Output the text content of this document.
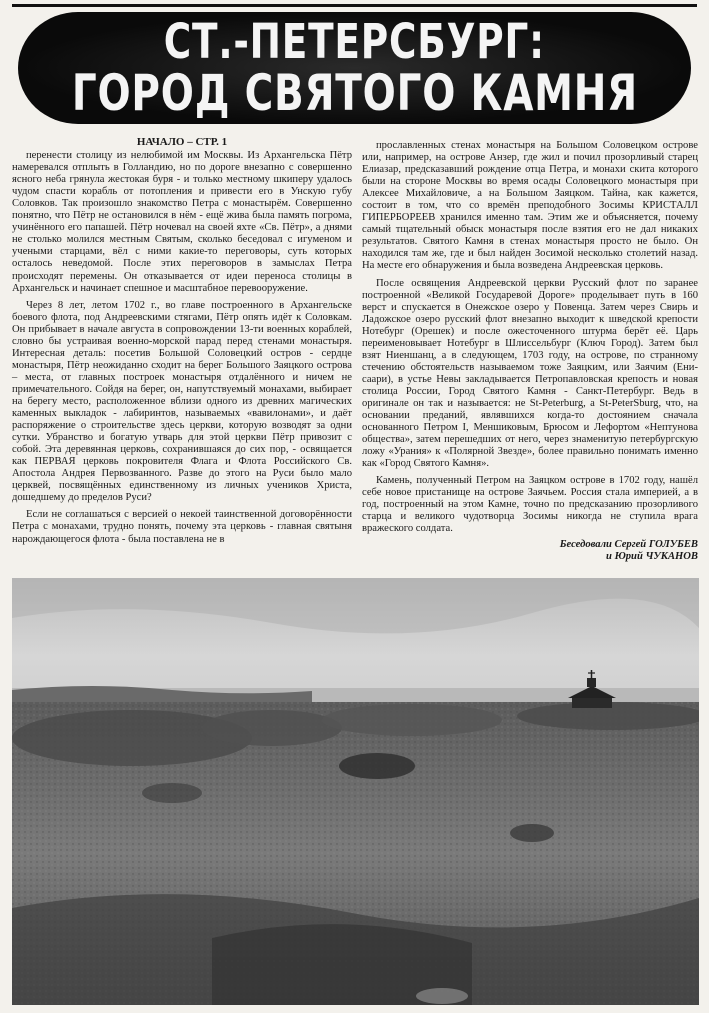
СТ.-ПЕТЕРСБУРГ:
ГОРОД СВЯТОГО КАМНЯ
НАЧАЛО – СТР. 1

перенести столицу из нелюбимой им Москвы. Из Архангельска Пётр намеревался отплыть в Голландию, но по дороге внезапно с совершенно ясного неба грянула жестокая буря - и только местному шкиперу удалось чудом спасти корабль от потопления и привести его в Унскую губу Соловков. Так произошло знакомство Петра с монастырём. Совершенно понятно, что Пётр не остановился в нём - ещё жива была память погрома, учинённого его папашей. Пётр ночевал на своей яхте «Св. Пётр», а днями не столько молился местным Святым, сколько беседовал с игуменом и учеными старцами, вёл с ними какие-то переговоры, суть которых осталось неведомой. После этих переговоров в замыслах Петра происходят перемены. Он отказывается от идеи переноса столицы в Архангельск и начинает спешное и масштабное перевооружение.

Через 8 лет, летом 1702 г., во главе построенного в Архангельске боевого флота, под Андреевскими стягами, Пётр опять идёт к Соловкам. Он прибывает в начале августа в сопровождении 13-ти военных кораблей, словно бы устраивая военно-морской парад перед стенами монастыря. Интересная деталь: посетив Большой Соловецкий остров - сердце монастыря, Пётр неожиданно сходит на берег Большого Заяцкого острова – места, от главных построек монастыря отдалённого и ничем не примечательного. Сойдя на берег, он, напутствуемый монахами, выбирает на берегу место, расположенное вблизи одного из древних магических каменных выкладок - лабиринтов, называемых «вавилонами», и даёт распоряжение о строительстве здесь церкви, которую возводят за одни сутки. Убранство и богатую утварь для этой церкви Пётр привозит с собой. Эта деревянная церковь, сохранившаяся до сих пор, - освящается как ПЕРВАЯ церковь покровителя Флага и Флота Российского Св. Апостола Андрея Первозванного. Разве до этого на Руси было мало церквей, посвящённых единственному из личных учеников Христа, дошедшему до пределов Руси?

Если не соглашаться с версией о некоей таинственной договорённости Петра с монахами, трудно понять, почему эта церковь - главная святыня нарождающегося флота - была поставлена не в

прославленных стенах монастыря на Большом Соловецком острове или, например, на острове Анзер, где жил и почил прозорливый старец Елиазар, предсказавший рождение отца Петра, и монахи скита которого были на стороне Москвы во время осады Соловецкого монастыря при Алексее Михайловиче, а на Большом Заяцком. Тайна, как кажется, состоит в том, что со времён преподобного Зосимы КРИСТАЛЛ ГИПЕРБОРЕЕВ хранился именно там. Этим же и объясняется, почему самый тщательный обыск монастыря после взятия его не дал никаких результатов. Святого Камня в стенах монастыря просто не было. Он находился там же, где и был найден Зосимой несколько столетий назад. На месте его обнаружения и была возведена Андреевская церковь.

После освящения Андреевской церкви Русский флот по заранее построенной «Великой Государевой Дороге» проделывает путь в 160 верст и спускается в Онежское озеро у Повенца. Затем через Свирь и Ладожское озеро русский флот внезапно выходит к шведской крепости Нотебург (Орешек) и после ожесточенного штурма берёт её. Царь переименовывает Нотебург в Шлиссельбург (Ключ Город). Затем был взят Ниеншанц, а в следующем, 1703 году, на острове, по странному стечению обстоятельств называемом тоже Заяцким, или Заячим (Ени-саари), в устье Невы закладывается Петропавловская крепость и новая столица России, Город Святого Камня - Санкт-Петербург. Ведь в оригинале он так и называется: не St-Peterburg, а St-PeterSburg, что, на основании преданий, являвшихся когда-то достоянием сначала основанного Петром I, Меншиковым, Брюсом и Лефортом «Нептунова общества», затем перешедших от него, через знаменитую петербургскую ложу «Урания» к «Полярной Звезде», более правильно понимать именно как «Город Святого Камня».

Камень, полученный Петром на Заяцком острове в 1702 году, нашёл себе новое пристанище на острове Заячьем. Россия стала империей, а в год, построенный на этом Камне, точно по предсказанию прозорливого старца и великого чудотворца Зосимы никогда не ступила врага вражеского солдата.

Беседовали Сергей ГОЛУБЕВ
и Юрий ЧУКАНОВ
